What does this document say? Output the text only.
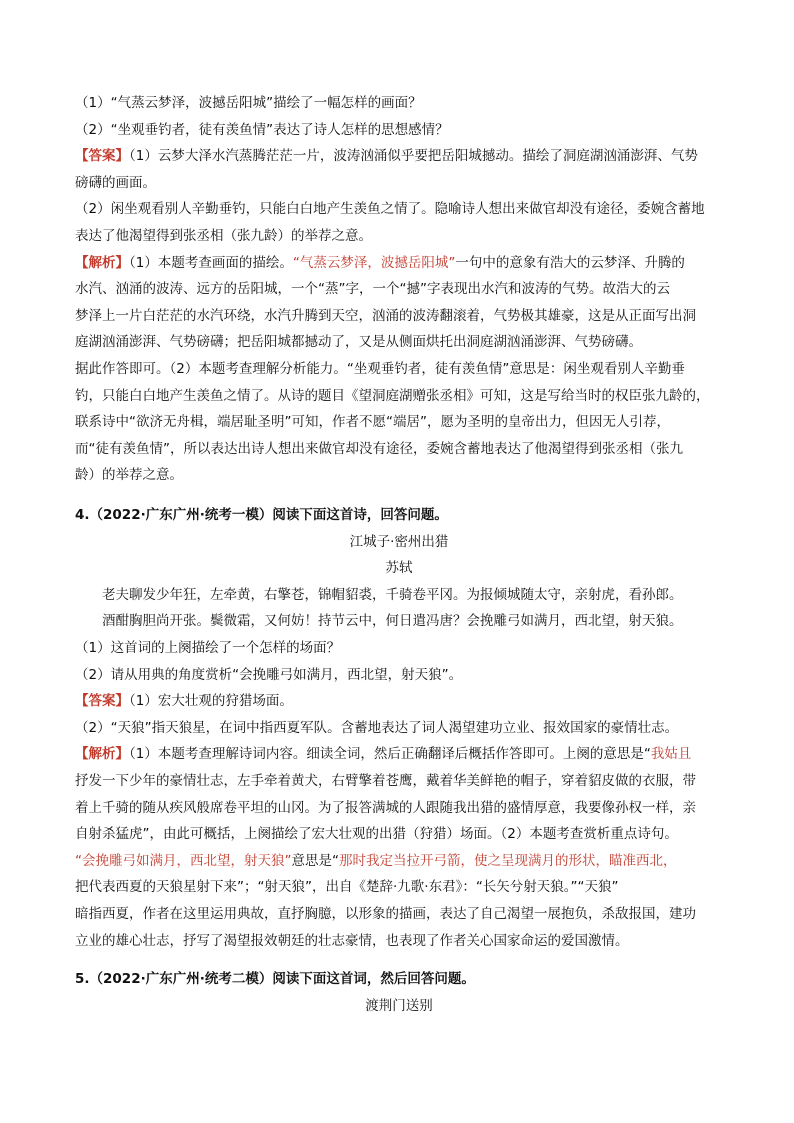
（1）“气蒸云梦泽，波撼岳阳城”描绘了一幅怎样的画面？
（2）“坐观垂钓者，徒有羡鱼情”表达了诗人怎样的思想感情？
【答案】（1）云梦大泽水汽蒸腾茫茫一片，波涛汹涌似乎要把岳阳城撼动。描绘了洞庭湖汹涌澎湃、气势
磅礴的画面。
（2）闲坐观看别人辛勤垂钓，只能白白地产生羡鱼之情了。隐喻诗人想出来做官却没有途径，委婉含蓄地
表达了他渴望得到张丞相（张九龄）的举荐之意。
【解析】（1）本题考查画面的描绘。“气蒸云梦泽，波撼岳阳城”一句中的意象有浩大的云梦泽、升腾的
水汽、汹涌的波涛、远方的岳阳城，一个“蒸”字，一个“撼”字表现出水汽和波涛的气势。故浩大的云
梦泽上一片白茫茫的水汽环绕，水汽升腾到天空，汹涌的波涛翻滚着，气势极其雄豪，这是从正面写出洞
庭湖汹涌澎湃、气势磅礴；把岳阳城都撼动了，又是从侧面烘托出洞庭湖汹涌澎湃、气势磅礴。
据此作答即可。（2）本题考查理解分析能力。“坐观垂钓者，徒有羡鱼情”意思是：闲坐观看别人辛勤垂
钓，只能白白地产生羡鱼之情了。从诗的题目《望洞庭湖赠张丞相》可知，这是写给当时的权臣张九龄的，
联系诗中“欲济无舟楫，端居耻圣明”可知，作者不愿“端居”，愿为圣明的皇帝出力，但因无人引荐，
而“徒有羡鱼情”，所以表达出诗人想出来做官却没有途径，委婉含蓄地表达了他渴望得到张丞相（张九
龄）的举荐之意。
4.（2022·广东广州·统考一模）阅读下面这首诗，回答问题。
江城子·密州出猎
苏轼
老夫聊发少年狂，左牵黄，右擎苍，锦帽貂裘，千骑卷平冈。为报倾城随太守，亲射虎，看孙郎。
酒酣胸胆尚开张。鬓微霜，又何妨！持节云中，何日遣冯唐？会挽雕弓如满月，西北望，射天狼。
（1）这首词的上阕描绘了一个怎样的场面？
（2）请从用典的角度赏析“会挽雕弓如满月，西北望，射天狼”。
【答案】（1）宏大壮观的狩猎场面。
（2）“天狼”指天狼星，在词中指西夏军队。含蓄地表达了词人渴望建功立业、报效国家的豪情壮志。
【解析】（1）本题考查理解诗词内容。细读全词，然后正确翻译后概括作答即可。上阕的意思是“我姑且
抒发一下少年的豪情壮志，左手牵着黄犬，右臂擎着苍鹰，戴着华美鲜艳的帽子，穿着貂皮做的衣服，带
着上千骑的随从疾风般席卷平坦的山冈。为了报答满城的人跟随我出猎的盛情厚意，我要像孙权一样，亲
自射杀猛虎”，由此可概括，上阕描绘了宏大壮观的出猎（狩猎）场面。（2）本题考查赏析重点诗句。
“会挽雕弓如满月，西北望，射天狼”意思是“那时我定当拉开弓箭，使之呈现满月的形状，瞄准西北，
把代表西夏的天狼星射下来”；“射天狼”，出自《楚辞·九歌·东君》：“长矢兮射天狼。”“天狼”
暗指西夏，作者在这里运用典故，直抒胸臆，以形象的描画，表达了自己渴望一展抱负，杀敌报国，建功
立业的雄心壮志，抒写了渴望报效朝廷的壮志豪情，也表现了作者关心国家命运的爱国激情。
5.（2022·广东广州·统考二模）阅读下面这首词，然后回答问题。
渡荆门送别
